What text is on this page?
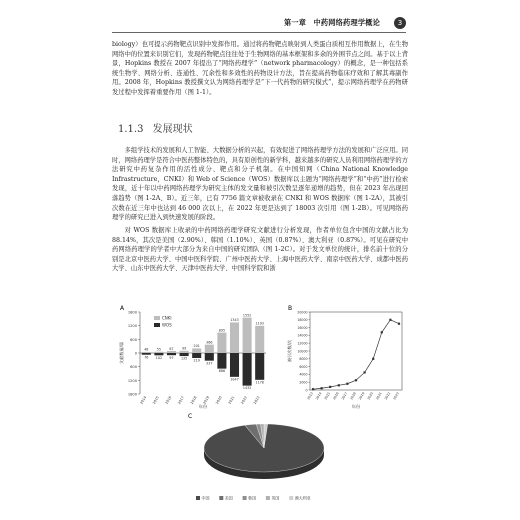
第一章　中药网络药理学概论	3

biology）也可提示药物靶点识别中发挥作用。通过将药物靶点映射到人类蛋白质相互作用数据上，在生物网络中的位置来识别它们，发现药物靶点往往处于生物网络的基本框架和多余的外围节点之间。基于以上背景，Hopkins 教授在 2007 年提出了“网络药理学”（network pharmacology）的概念，是一种包括系统生物学、网络分析、连通性、冗余性和多效性的药物设计方法，旨在提高药物临床疗效和了解其毒副作用。2008 年，Hopkins 教授撰文认为网络药理学是“下一代药物的研究模式”，提示网络药理学在药物研发过程中发挥着重要作用（图 1-1）。

1.1.3 发展现状

多组学技术的发展和人工智能、大数据分析的兴起，有效促进了网络药理学方法的发展和广泛应用。同时，网络药理学是符合中医药整体特色的，具有原创性的新学科，越来越多的研究人员利用网络药理学的方法研究中药复杂作用的活性成分、靶点和分子机制。在中国知网（China National Knowledge Infrastructure，CNKI）和 Web of Science（WOS）数据库以主题为“网络药理学”和“中药”进行检索发现，近十年以中药网络药理学为研究主体的发文量和被引次数呈逐年递增的趋势，但在 2023 年出现回落趋势（图 1-2A、B）。近三年，已有 7756 篇文章被收录在 CNKI 和 WOS 数据库（图 1-2A），其被引次数在近三年中也达到 46 000 次以上，在 2022 年更是达到了 18003 次引用（图 1-2B）。可见网络药理学的研究已进入到快速发展的阶段。

对 WOS 数据库上收录的中药网络药理学研究文献进行分析发现，作者单位包含中国的文献占比为 88.14%，其次是美国（2.90%）、韩国（1.10%）、英国（0.87%）、澳大利亚（0.87%）。可见在研究中药网络药理学的学者中大部分为来自中国的研究团队（图 1-2C）。对于发文单位的统计，排名前十位的分别是北京中医药大学、中国中医科学院、广州中医药大学、上海中医药大学、南京中医药大学、成都中医药大学、山东中医药大学、天津中医药大学、中国科学院和浙

A
1800
1200
600
0
600
1200
1800
文献数量/篇	48
76
2014
55
102
2015
87
97
2016
99
135
2017
201
219
2018
366
337
2019
895
686
2020
1343
1047
2021
1552
1432
2022
1193
1178
2023
年份
CNKI
WOS
B
0
2000
4000
6000
8000
10000
12000
14000
16000
18000
20000
被引次数/次
2013 2014 2015 2016 2017 2018 2019 2020 2021 2022 2023
年份
C
中国	美国	韩国	英国	澳大利亚
